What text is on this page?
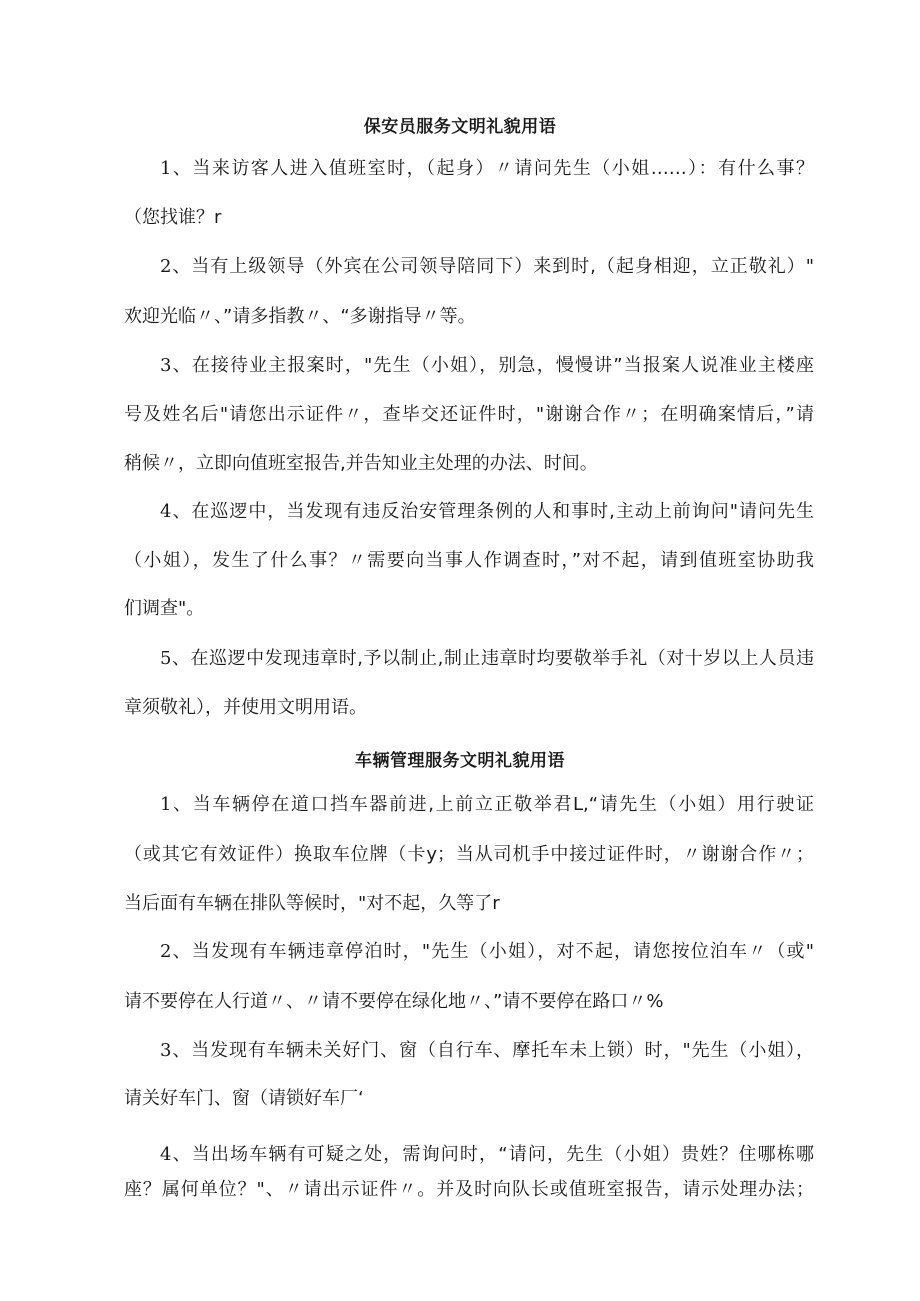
保安员服务文明礼貌用语
1、当来访客人进入值班室时，（起身）〃请问先生（小姐……）：有什么事？
（您找谁？r
2、当有上级领导（外宾在公司领导陪同下）来到时,（起身相迎，立正敬礼）"
欢迎光临〃、”请多指教〃、“多谢指导〃等。
3、在接待业主报案时，"先生（小姐），别急，慢慢讲”当报案人说准业主楼座
号及姓名后"请您出示证件〃，查毕交还证件时，"谢谢合作〃；在明确案情后，”请
稍候〃，立即向值班室报告,并告知业主处理的办法、时间。
4、在巡逻中，当发现有违反治安管理条例的人和事时,主动上前询问"请问先生
（小姐），发生了什么事？〃需要向当事人作调查时，”对不起，请到值班室协助我
们调查"。
5、在巡逻中发现违章时,予以制止,制止违章时均要敬举手礼（对十岁以上人员违
章须敬礼），并使用文明用语。
车辆管理服务文明礼貌用语
1、当车辆停在道口挡车器前进,上前立正敬举君L,“请先生（小姐）用行驶证
（或其它有效证件）换取车位牌（卡y；当从司机手中接过证件时，〃谢谢合作〃；
当后面有车辆在排队等候时，"对不起，久等了r
2、当发现有车辆违章停泊时，"先生（小姐），对不起，请您按位泊车〃（或"
请不要停在人行道〃、〃请不要停在绿化地〃、”请不要停在路口〃%
3、当发现有车辆未关好门、窗（自行车、摩托车未上锁）时，"先生（小姐），
请关好车门、窗（请锁好车厂‘
4、当出场车辆有可疑之处，需询问时，“请问，先生（小姐）贵姓？住哪栋哪
座？属何单位？"、〃请出示证件〃。并及时向队长或值班室报告，请示处理办法；
